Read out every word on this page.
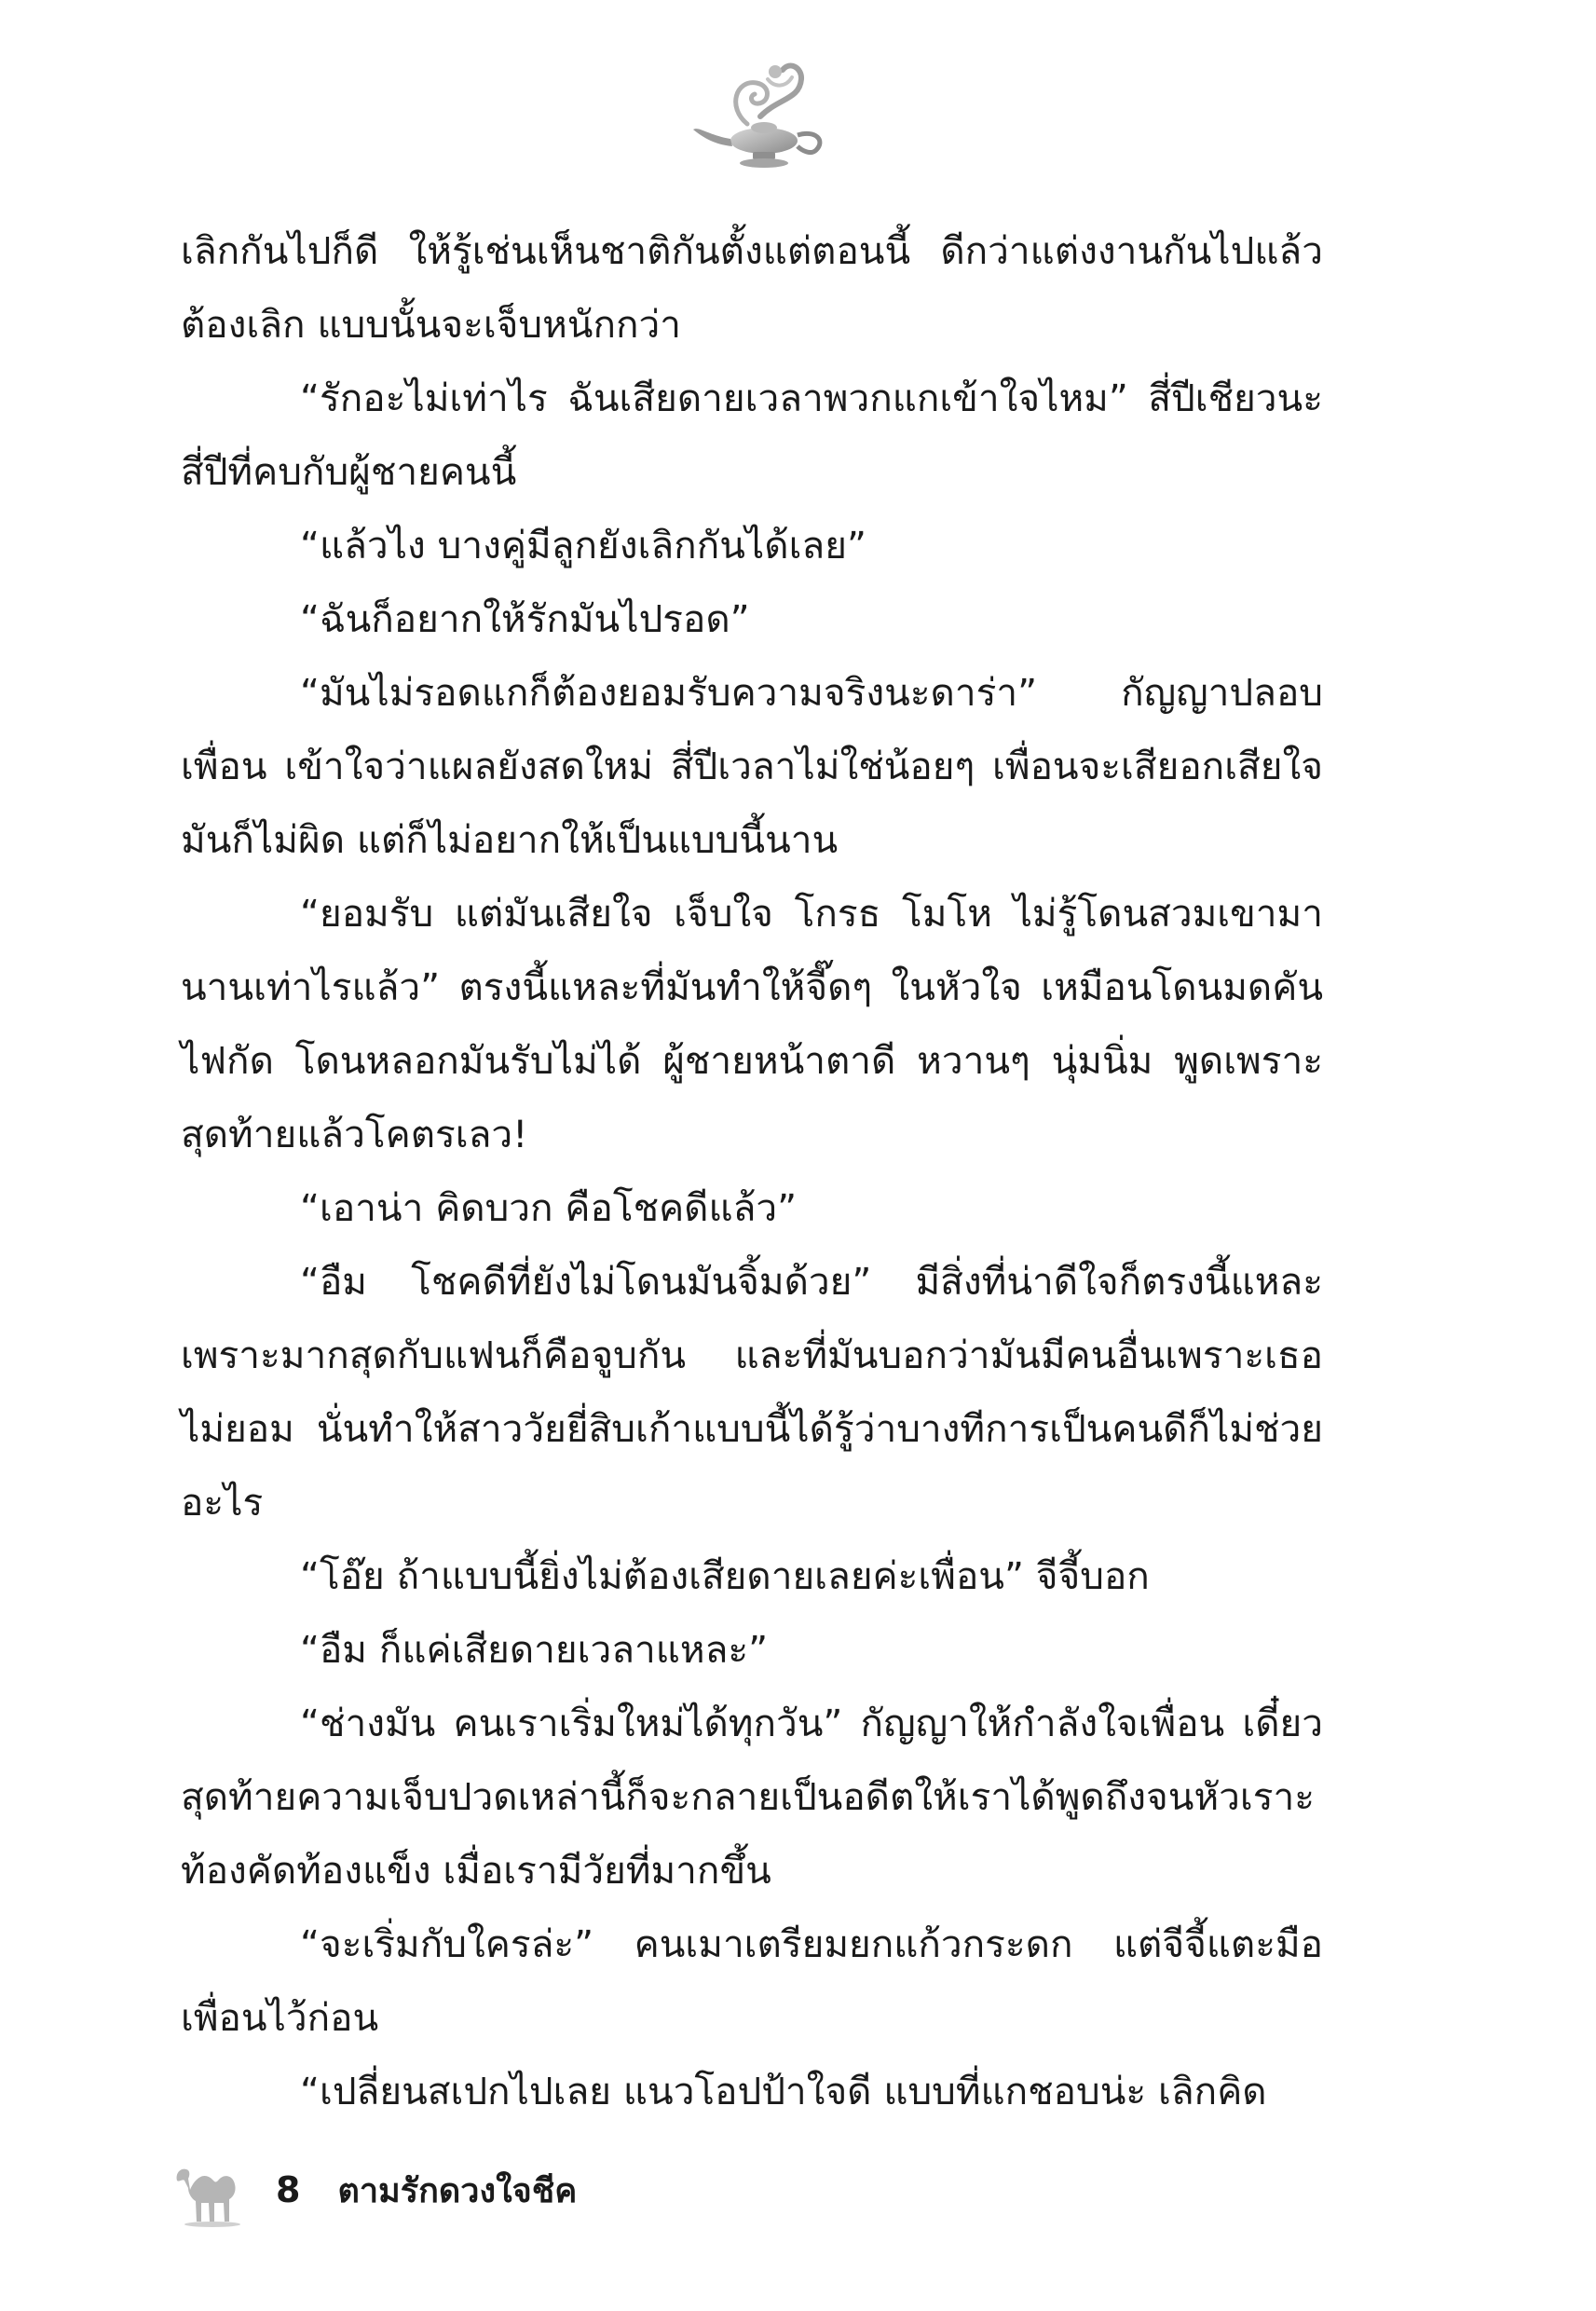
เลิกกันไปก็ดี ให้รู้เช่นเห็นชาติกันตั้งแต่ตอนนี้ ดีกว่าแต่งงานกันไปแล้วต้องเลิก แบบนั้นจะเจ็บหนักกว่า

“รักอะไม่เท่าไร ฉันเสียดายเวลาพวกแกเข้าใจไหม” สี่ปีเชียวนะสี่ปีที่คบกับผู้ชายคนนี้

“แล้วไง บางคู่มีลูกยังเลิกกันได้เลย”

“ฉันก็อยากให้รักมันไปรอด”

“มันไม่รอดแกก็ต้องยอมรับความจริงนะดาร่า” กัญญาปลอบเพื่อน เข้าใจว่าแผลยังสดใหม่ สี่ปีเวลาไม่ใช่น้อยๆ เพื่อนจะเสียอกเสียใจมันก็ไม่ผิด แต่ก็ไม่อยากให้เป็นแบบนี้นาน

“ยอมรับ แต่มันเสียใจ เจ็บใจ โกรธ โมโห ไม่รู้โดนสวมเขามานานเท่าไรแล้ว” ตรงนี้แหละที่มันทำให้จี๊ดๆ ในหัวใจ เหมือนโดนมดคันไฟกัด โดนหลอกมันรับไม่ได้ ผู้ชายหน้าตาดี หวานๆ นุ่มนิ่ม พูดเพราะสุดท้ายแล้วโคตรเลว!

“เอาน่า คิดบวก คือโชคดีแล้ว”

“อืม โชคดีที่ยังไม่โดนมันจิ้มด้วย” มีสิ่งที่น่าดีใจก็ตรงนี้แหละเพราะมากสุดกับแฟนก็คือจูบกัน และที่มันบอกว่ามันมีคนอื่นเพราะเธอไม่ยอม นั่นทำให้สาววัยยี่สิบเก้าแบบนี้ได้รู้ว่าบางทีการเป็นคนดีก็ไม่ช่วยอะไร

“โอ๊ย ถ้าแบบนี้ยิ่งไม่ต้องเสียดายเลยค่ะเพื่อน” จีจี้บอก

“อืม ก็แค่เสียดายเวลาแหละ”

“ช่างมัน คนเราเริ่มใหม่ได้ทุกวัน” กัญญาให้กำลังใจเพื่อน เดี๋ยวสุดท้ายความเจ็บปวดเหล่านี้ก็จะกลายเป็นอดีตให้เราได้พูดถึงจนหัวเราะท้องคัดท้องแข็ง เมื่อเรามีวัยที่มากขึ้น

“จะเริ่มกับใครล่ะ” คนเมาเตรียมยกแก้วกระดก แต่จีจี้แตะมือเพื่อนไว้ก่อน

“เปลี่ยนสเปกไปเลย แนวโอปป้าใจดี แบบที่แกชอบน่ะ เลิกคิด

8 ตามรักดวงใจชีค
